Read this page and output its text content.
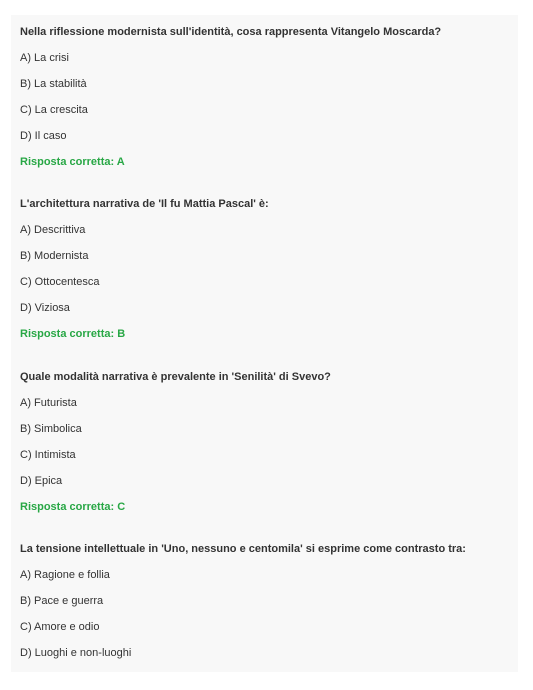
Nella riflessione modernista sull'identità, cosa rappresenta Vitangelo Moscarda?
A) La crisi
B) La stabilità
C) La crescita
D) Il caso
Risposta corretta: A
L'architettura narrativa de 'Il fu Mattia Pascal' è:
A) Descrittiva
B) Modernista
C) Ottocentesca
D) Viziosa
Risposta corretta: B
Quale modalità narrativa è prevalente in 'Senilità' di Svevo?
A) Futurista
B) Simbolica
C) Intimista
D) Epica
Risposta corretta: C
La tensione intellettuale in 'Uno, nessuno e centomila' si esprime come contrasto tra:
A) Ragione e follia
B) Pace e guerra
C) Amore e odio
D) Luoghi e non-luoghi
